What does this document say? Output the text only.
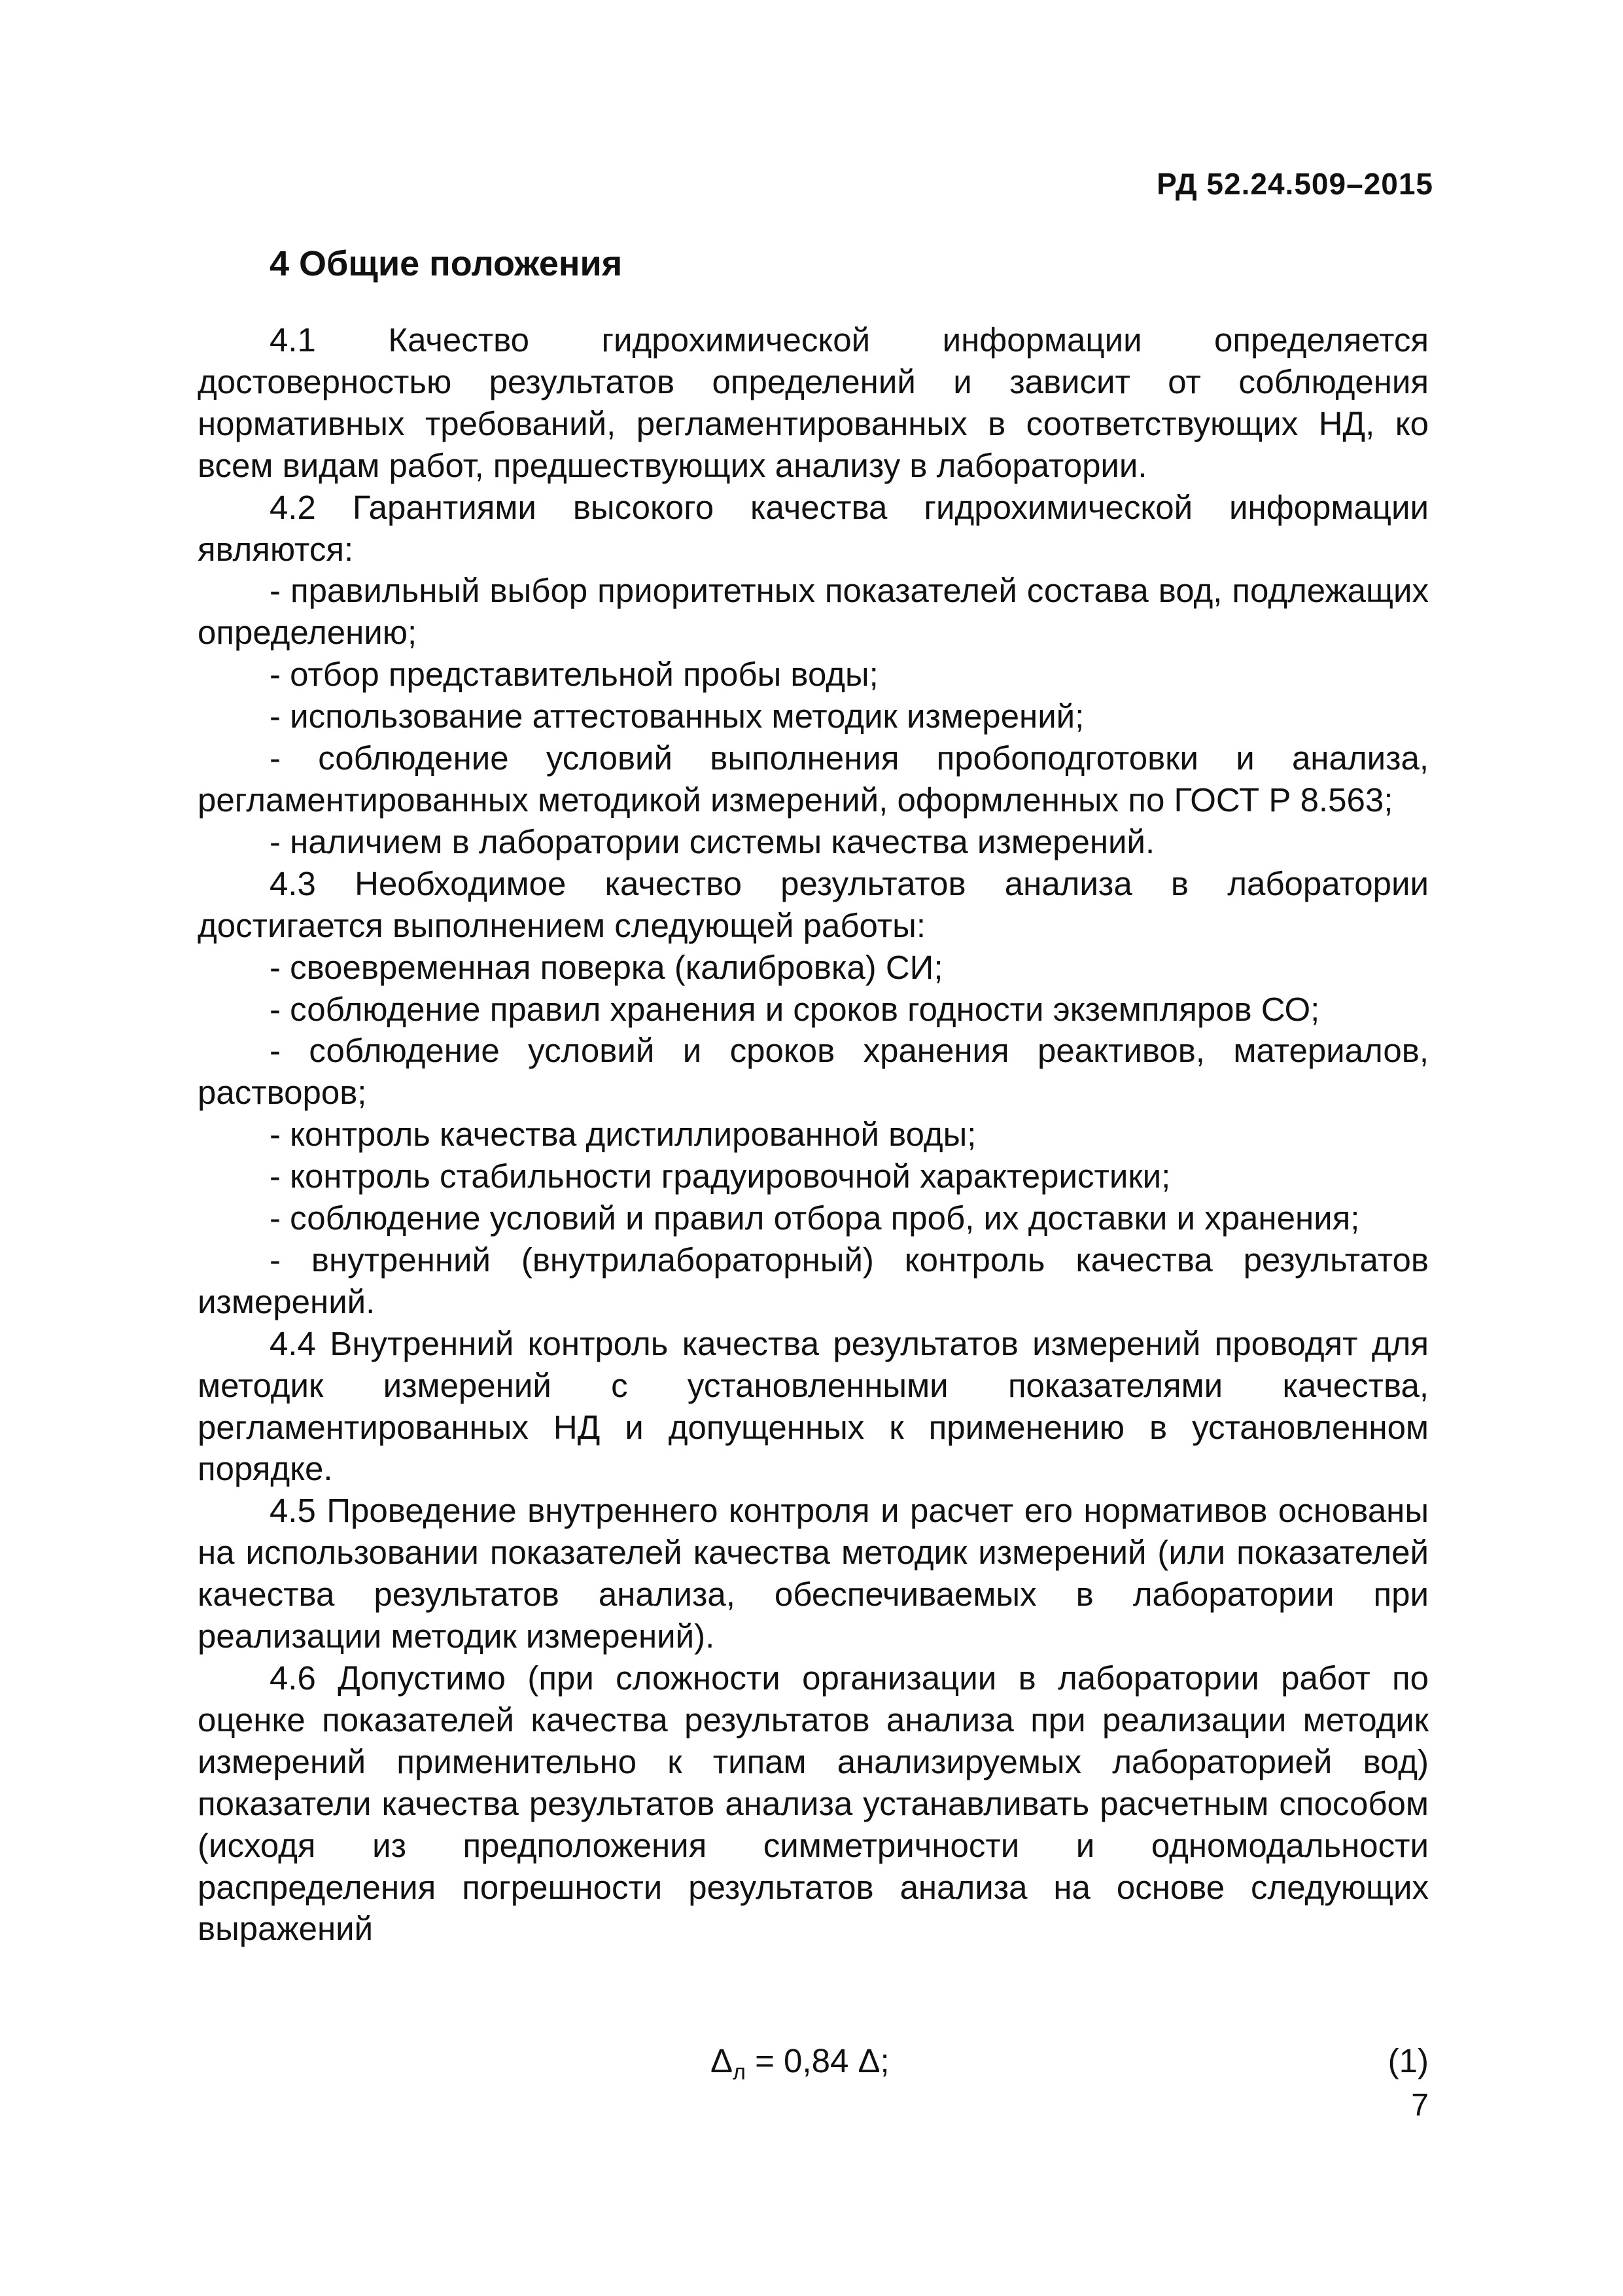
РД 52.24.509–2015
4 Общие положения

4.1 Качество гидрохимической информации определяется достоверностью результатов определений и зависит от соблюдения нормативных требований, регламентированных в соответствующих НД, ко всем видам работ, предшествующих анализу в лаборатории.

4.2 Гарантиями высокого качества гидрохимической информации являются:

- правильный выбор приоритетных показателей состава вод, подлежащих определению;

- отбор представительной пробы воды;

- использование аттестованных методик измерений;

- соблюдение условий выполнения пробоподготовки и анализа, регламентированных методикой измерений, оформленных по ГОСТ Р 8.563;

- наличием в лаборатории системы качества измерений.

4.3 Необходимое качество результатов анализа в лаборатории достигается выполнением следующей работы:

- своевременная поверка (калибровка) СИ;

- соблюдение правил хранения и сроков годности экземпляров СО;

- соблюдение условий и сроков хранения реактивов, материалов, растворов;

- контроль качества дистиллированной воды;

- контроль стабильности градуировочной характеристики;

- соблюдение условий и правил отбора проб, их доставки и хранения;

- внутренний (внутрилабораторный) контроль качества результатов измерений.

4.4 Внутренний контроль качества результатов измерений проводят для методик измерений с установленными показателями качества, регламентированных НД и допущенных к применению в установленном порядке.

4.5 Проведение внутреннего контроля и расчет его нормативов основаны на использовании показателей качества методик измерений (или показателей качества результатов анализа, обеспечиваемых в лаборатории при реализации методик измерений).

4.6 Допустимо (при сложности организации в лаборатории работ по оценке показателей качества результатов анализа при реализации методик измерений применительно к типам анализируемых лабораторией вод) показатели качества результатов анализа устанавливать расчетным способом (исходя из предположения симметричности и одномодальности распределения погрешности результатов анализа на основе следующих выражений

$\Delta_л = 0,84$ Δ;	(1)
7
